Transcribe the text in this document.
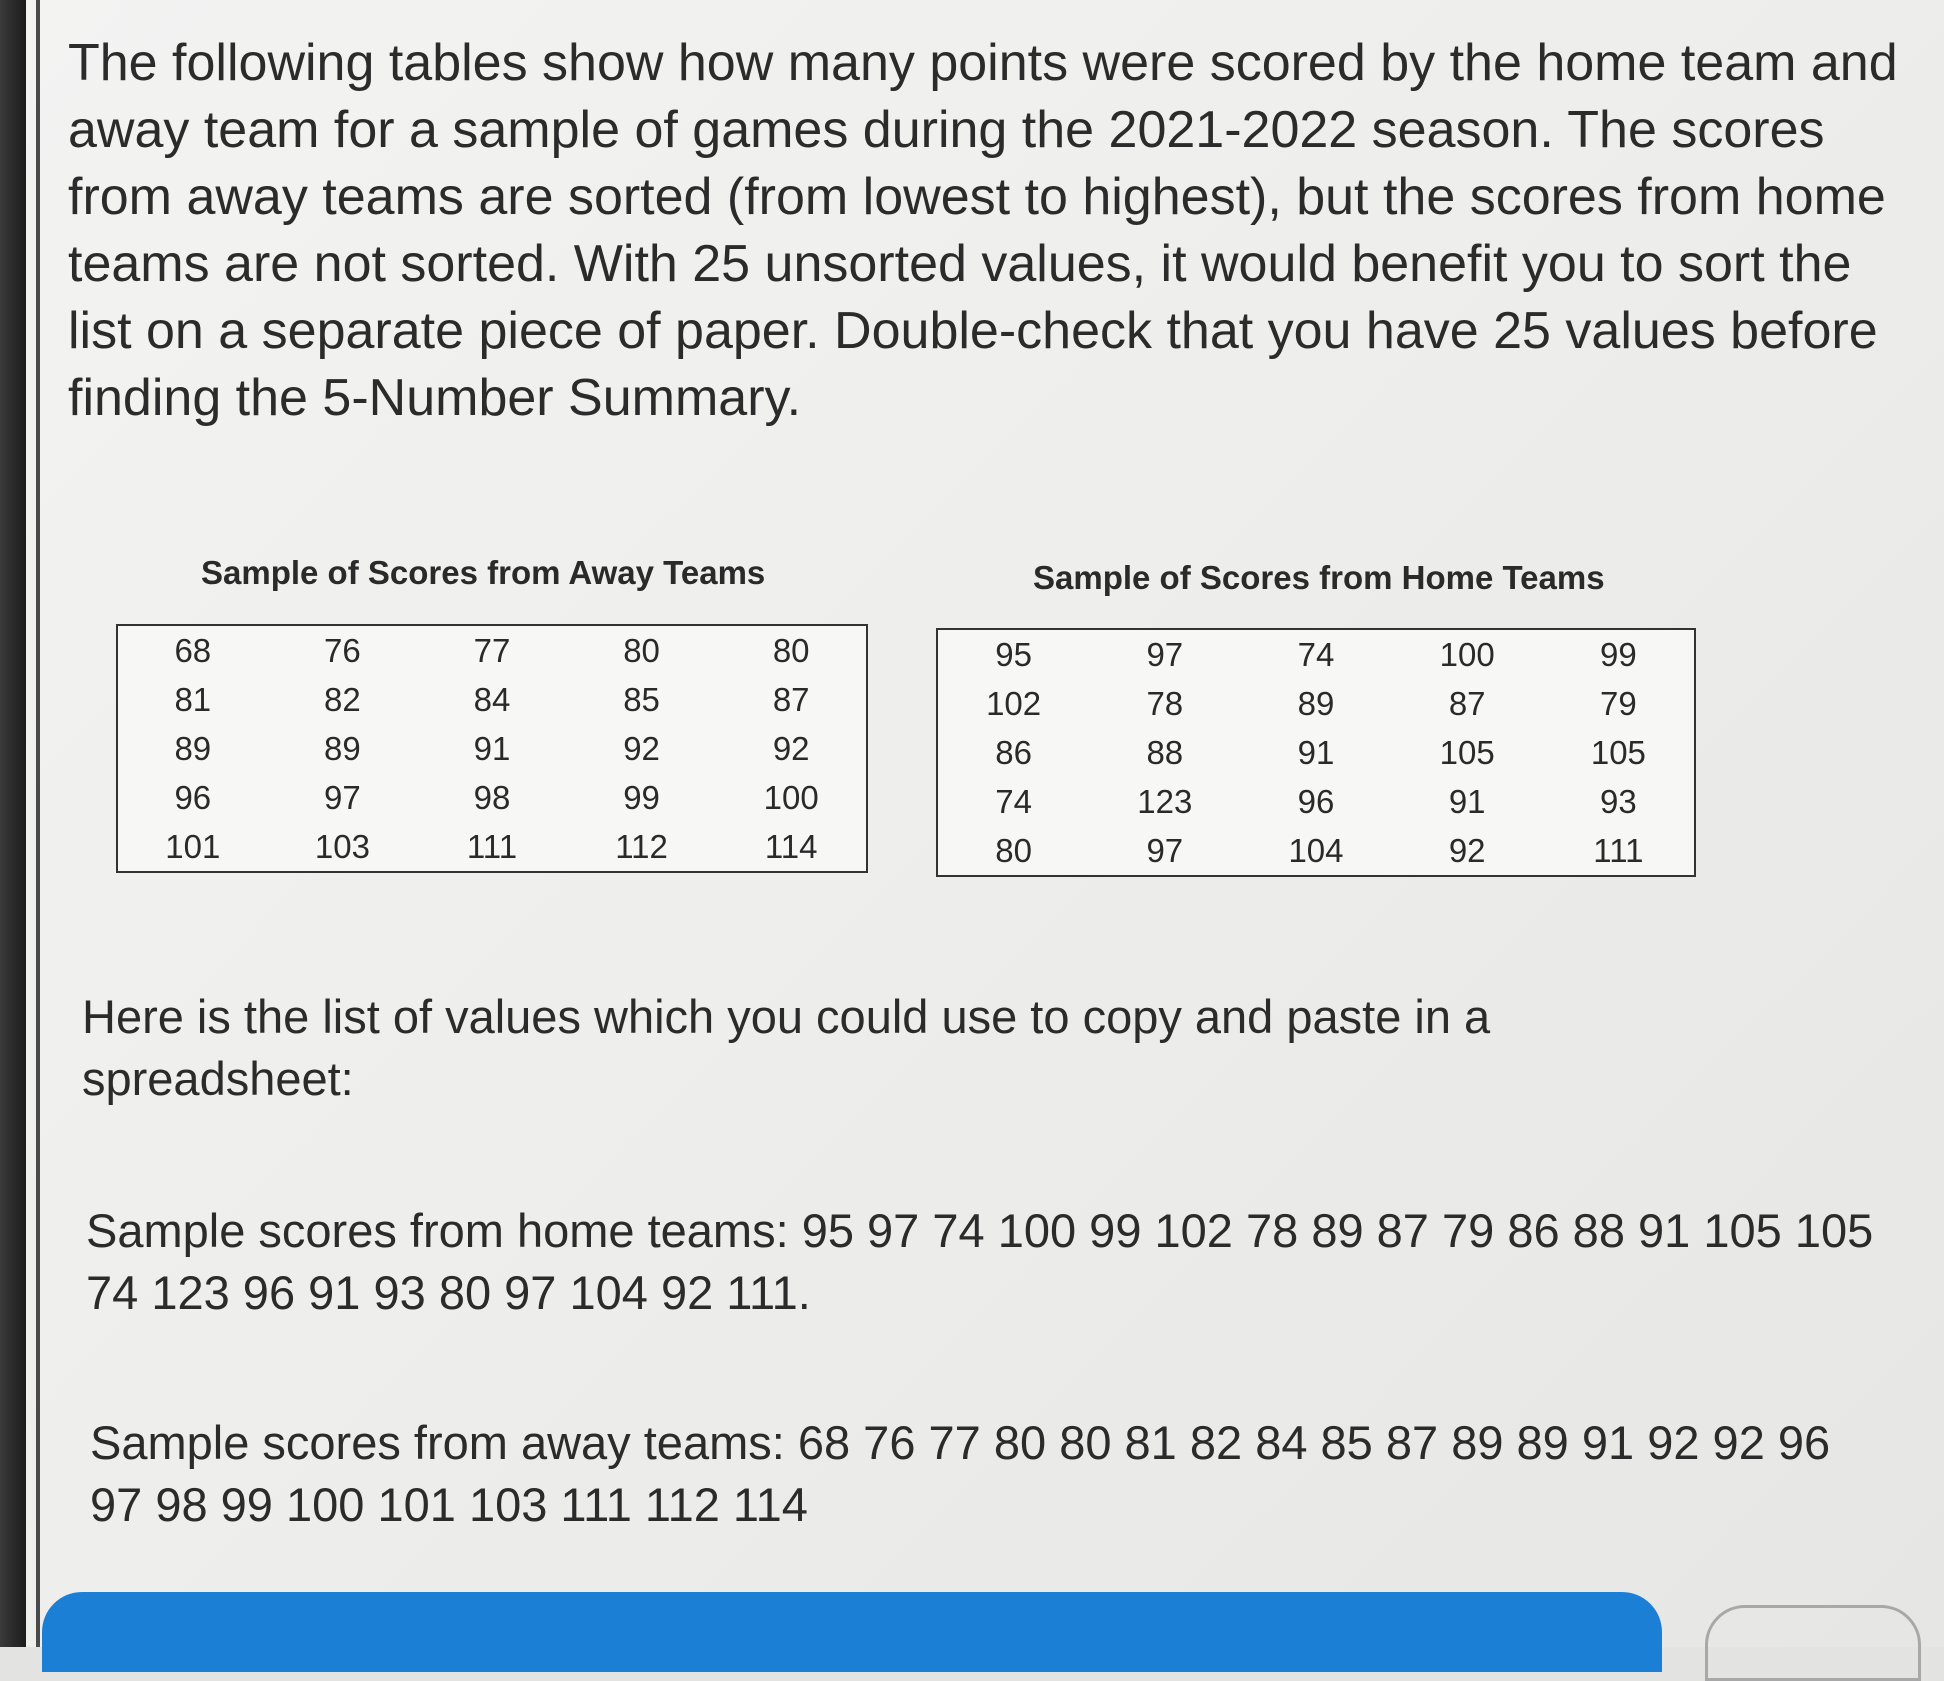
The following tables show how many points were scored by the home team and away team for a sample of games during the 2021-2022 season. The scores from away teams are sorted (from lowest to highest), but the scores from home teams are not sorted. With 25 unsorted values, it would benefit you to sort the list on a separate piece of paper. Double-check that you have 25 values before finding the 5-Number Summary.

Sample of Scores from Away Teams
68	76	77	80	80
81	82	84	85	87
89	89	91	92	92
96	97	98	99	100
101	103	111	112	114
Sample of Scores from Home Teams
95	97	74	100	99
102	78	89	87	79
86	88	91	105	105
74	123	96	91	93
80	97	104	92	111

Here is the list of values which you could use to copy and paste in a spreadsheet:

Sample scores from home teams: 95 97 74 100 99 102 78 89 87 79 86 88 91 105 105 74 123 96 91 93 80 97 104 92 111.

Sample scores from away teams: 68 76 77 80 80 81 82 84 85 87 89 89 91 92 92 96 97 98 99 100 101 103 111 112 114
